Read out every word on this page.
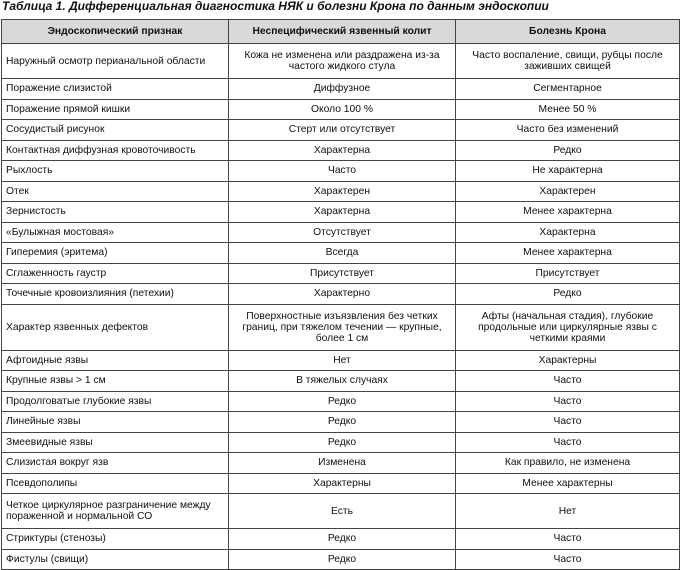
Таблица 1. Дифференциальная диагностика НЯК и болезни Крона по данным эндоскопии
Эндоскопический признак	Неспецифический язвенный колит	Болезнь Крона
Наружный осмотр перианальной области	Кожа не изменена или раздражена из-за частого жидкого стула	Часто воспаление, свищи, рубцы после заживших свищей
Поражение слизистой	Диффузное	Сегментарное
Поражение прямой кишки	Около 100 %	Менее 50 %
Сосудистый рисунок	Стерт или отсутствует	Часто без изменений
Контактная диффузная кровоточивость	Характерна	Редко
Рыхлость	Часто	Не характерна
Отек	Характерен	Характерен
Зернистость	Характерна	Менее характерна
«Булыжная мостовая»	Отсутствует	Характерна
Гиперемия (эритема)	Всегда	Менее характерна
Сглаженность гаустр	Присутствует	Присутствует
Точечные кровоизлияния (петехии)	Характерно	Редко
Характер язвенных дефектов	Поверхностные изъязвления без четких границ, при тяжелом течении — крупные, более 1 см	Афты (начальная стадия), глубокие продольные или циркулярные язвы с четкими краями
Афтоидные язвы	Нет	Характерны
Крупные язвы > 1 см	В тяжелых случаях	Часто
Продолговатые глубокие язвы	Редко	Часто
Линейные язвы	Редко	Часто
Змеевидные язвы	Редко	Часто
Слизистая вокруг язв	Изменена	Как правило, не изменена
Псевдополипы	Характерны	Менее характерны
Четкое циркулярное разграничение между пораженной и нормальной СО	Есть	Нет
Стриктуры (стенозы)	Редко	Часто
Фистулы (свищи)	Редко	Часто
